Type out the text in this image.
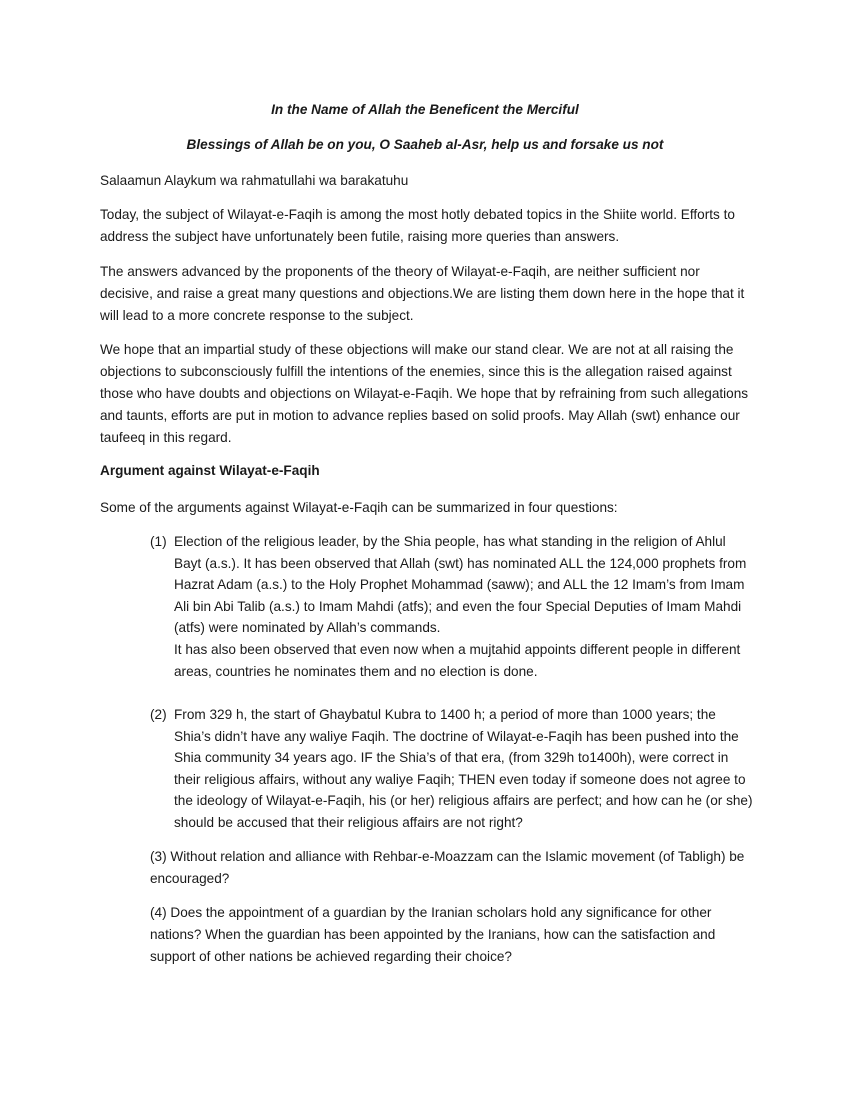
In the Name of Allah the Beneficent the Merciful
Blessings of Allah be on you, O Saaheb al-Asr, help us and forsake us not

Salaamun Alaykum wa rahmatullahi wa barakatuhu

Today, the subject of Wilayat-e-Faqih is among the most hotly debated topics in the Shiite world. Efforts to address the subject have unfortunately been futile, raising more queries than answers.

The answers advanced by the proponents of the theory of Wilayat-e-Faqih, are neither sufficient nor decisive, and raise a great many questions and objections.We are listing them down here in the hope that it will lead to a more concrete response to the subject.

We hope that an impartial study of these objections will make our stand clear. We are not at all raising the objections to subconsciously fulfill the intentions of the enemies, since this is the allegation raised against those who have doubts and objections on Wilayat-e-Faqih. We hope that by refraining from such allegations and taunts, efforts are put in motion to advance replies based on solid proofs. May Allah (swt) enhance our taufeeq in this regard.

Argument against Wilayat-e-Faqih

Some of the arguments against Wilayat-e-Faqih can be summarized in four questions:

(1) Election of the religious leader, by the Shia people, has what standing in the religion of Ahlul Bayt (a.s.). It has been observed that Allah (swt) has nominated ALL the 124,000 prophets from Hazrat Adam (a.s.) to the Holy Prophet Mohammad (saww); and ALL the 12 Imam’s from Imam Ali bin Abi Talib (a.s.) to Imam Mahdi (atfs); and even the four Special Deputies of Imam Mahdi (atfs) were nominated by Allah’s commands.
It has also been observed that even now when a mujtahid appoints different people in different areas, countries he nominates them and no election is done.
(2) From 329 h, the start of Ghaybatul Kubra to 1400 h; a period of more than 1000 years; the Shia’s didn’t have any waliye Faqih. The doctrine of Wilayat-e-Faqih has been pushed into the Shia community 34 years ago. IF the Shia’s of that era, (from 329h to1400h), were correct in their religious affairs, without any waliye Faqih; THEN even today if someone does not agree to the ideology of Wilayat-e-Faqih, his (or her) religious affairs are perfect; and how can he (or she) should be accused that their religious affairs are not right?
(3) Without relation and alliance with Rehbar-e-Moazzam can the Islamic movement (of Tabligh) be encouraged?
(4) Does the appointment of a guardian by the Iranian scholars hold any significance for other nations? When the guardian has been appointed by the Iranians, how can the satisfaction and support of other nations be achieved regarding their choice?
